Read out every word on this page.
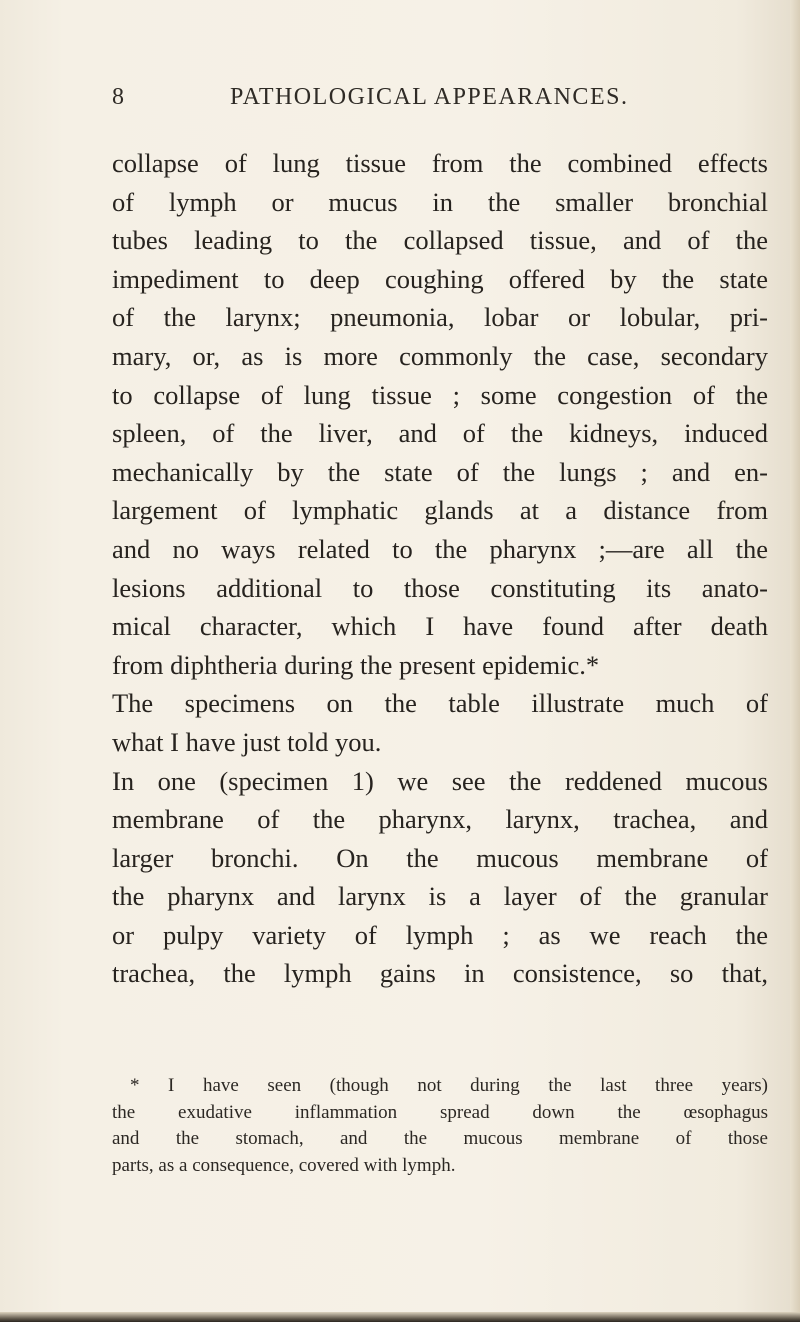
8	PATHOLOGICAL APPEARANCES.
collapse of lung tissue from the combined effects
of lymph or mucus in the smaller bronchial
tubes leading to the collapsed tissue, and of the
impediment to deep coughing offered by the state
of the larynx; pneumonia, lobar or lobular, pri-
mary, or, as is more commonly the case, secondary
to collapse of lung tissue ; some congestion of the
spleen, of the liver, and of the kidneys, induced
mechanically by the state of the lungs ; and en-
largement of lymphatic glands at a distance from
and no ways related to the pharynx ;—are all the
lesions additional to those constituting its anato-
mical character, which I have found after death
from diphtheria during the present epidemic.*
The specimens on the table illustrate much of
what I have just told you.
In one (specimen 1) we see the reddened mucous
membrane of the pharynx, larynx, trachea, and
larger bronchi. On the mucous membrane of
the pharynx and larynx is a layer of the granular
or pulpy variety of lymph ; as we reach the
trachea, the lymph gains in consistence, so that,
* I have seen (though not during the last three years)
the exudative inflammation spread down the œsophagus
and the stomach, and the mucous membrane of those
parts, as a consequence, covered with lymph.
